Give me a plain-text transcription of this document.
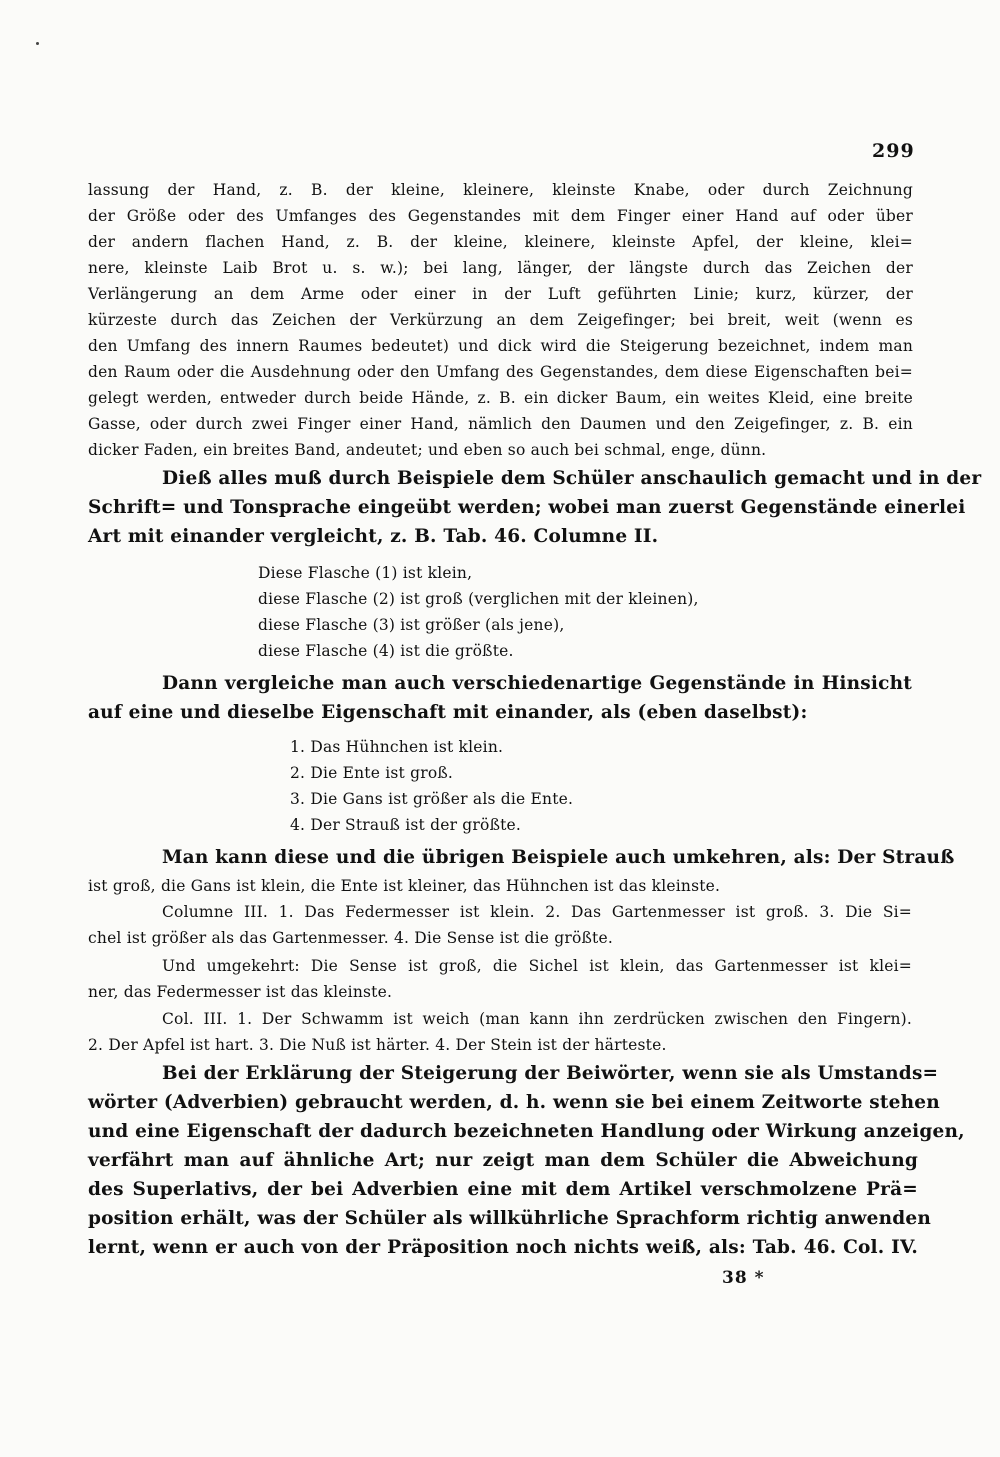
299
lassung der Hand, z. B. der kleine, kleinere, kleinste Knabe, oder durch Zeichnung
der Größe oder des Umfanges des Gegenstandes mit dem Finger einer Hand auf oder über
der andern flachen Hand, z. B. der kleine, kleinere, kleinste Apfel, der kleine, klei=
nere, kleinste Laib Brot u. s. w.); bei lang, länger, der längste durch das Zeichen der
Verlängerung an dem Arme oder einer in der Luft geführten Linie; kurz, kürzer, der
kürzeste durch das Zeichen der Verkürzung an dem Zeigefinger; bei breit, weit (wenn es
den Umfang des innern Raumes bedeutet) und dick wird die Steigerung bezeichnet, indem man
den Raum oder die Ausdehnung oder den Umfang des Gegenstandes, dem diese Eigenschaften bei=
gelegt werden, entweder durch beide Hände, z. B. ein dicker Baum, ein weites Kleid, eine breite
Gasse, oder durch zwei Finger einer Hand, nämlich den Daumen und den Zeigefinger, z. B. ein
dicker Faden, ein breites Band, andeutet; und eben so auch bei schmal, enge, dünn.
Dieß alles muß durch Beispiele dem Schüler anschaulich gemacht und in der
Schrift= und Tonsprache eingeübt werden; wobei man zuerst Gegenstände einerlei
Art mit einander vergleicht, z. B. Tab. 46. Columne II.
Diese Flasche (1) ist klein,
diese Flasche (2) ist groß (verglichen mit der kleinen),
diese Flasche (3) ist größer (als jene),
diese Flasche (4) ist die größte.
Dann vergleiche man auch verschiedenartige Gegenstände in Hinsicht
auf eine und dieselbe Eigenschaft mit einander, als (eben daselbst):
1. Das Hühnchen ist klein.
2. Die Ente ist groß.
3. Die Gans ist größer als die Ente.
4. Der Strauß ist der größte.
Man kann diese und die übrigen Beispiele auch umkehren, als: Der Strauß
ist groß, die Gans ist klein, die Ente ist kleiner, das Hühnchen ist das kleinste.
Columne III. 1. Das Federmesser ist klein. 2. Das Gartenmesser ist groß. 3. Die Si=
chel ist größer als das Gartenmesser. 4. Die Sense ist die größte.
Und umgekehrt: Die Sense ist groß, die Sichel ist klein, das Gartenmesser ist klei=
ner, das Federmesser ist das kleinste.
Col. III. 1. Der Schwamm ist weich (man kann ihn zerdrücken zwischen den Fingern).
2. Der Apfel ist hart. 3. Die Nuß ist härter. 4. Der Stein ist der härteste.
Bei der Erklärung der Steigerung der Beiwörter, wenn sie als Umstands=
wörter (Adverbien) gebraucht werden, d. h. wenn sie bei einem Zeitworte stehen
und eine Eigenschaft der dadurch bezeichneten Handlung oder Wirkung anzeigen,
verfährt man auf ähnliche Art; nur zeigt man dem Schüler die Abweichung
des Superlativs, der bei Adverbien eine mit dem Artikel verschmolzene Prä=
position erhält, was der Schüler als willkührliche Sprachform richtig anwenden
lernt, wenn er auch von der Präposition noch nichts weiß, als: Tab. 46. Col. IV.
38 *
